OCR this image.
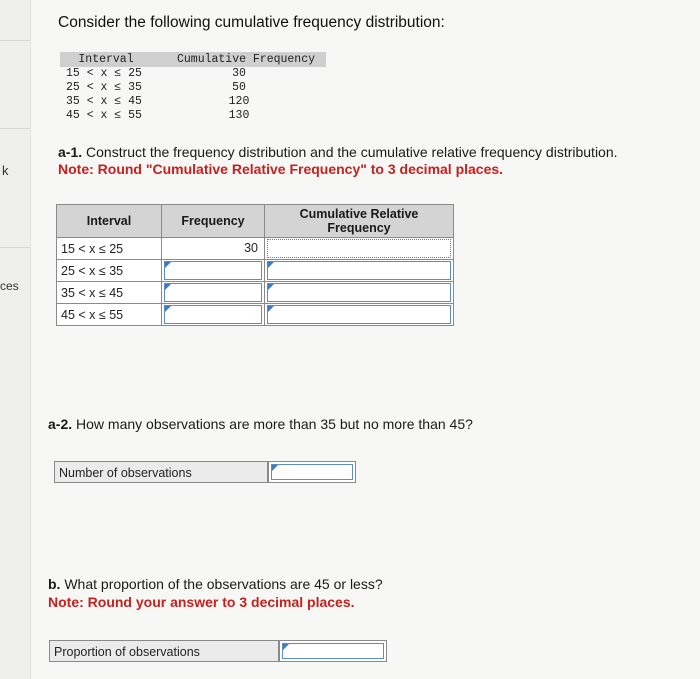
k
ces
Consider the following cumulative frequency distribution:
Interval	Cumulative Frequency
15 < x ≤ 25	30
25 < x ≤ 35	50
35 < x ≤ 45	120
45 < x ≤ 55	130
a-1. Construct the frequency distribution and the cumulative relative frequency distribution.
Note: Round "Cumulative Relative Frequency" to 3 decimal places.
Interval	Frequency	Cumulative Relative Frequency
15 < x ≤ 25	30	

25 < x ≤ 35	

35 < x ≤ 45	

45 < x ≤ 55	

a-2. How many observations are more than 35 but no more than 45?
Number of observations
b. What proportion of the observations are 45 or less?
Note: Round your answer to 3 decimal places.
Proportion of observations
